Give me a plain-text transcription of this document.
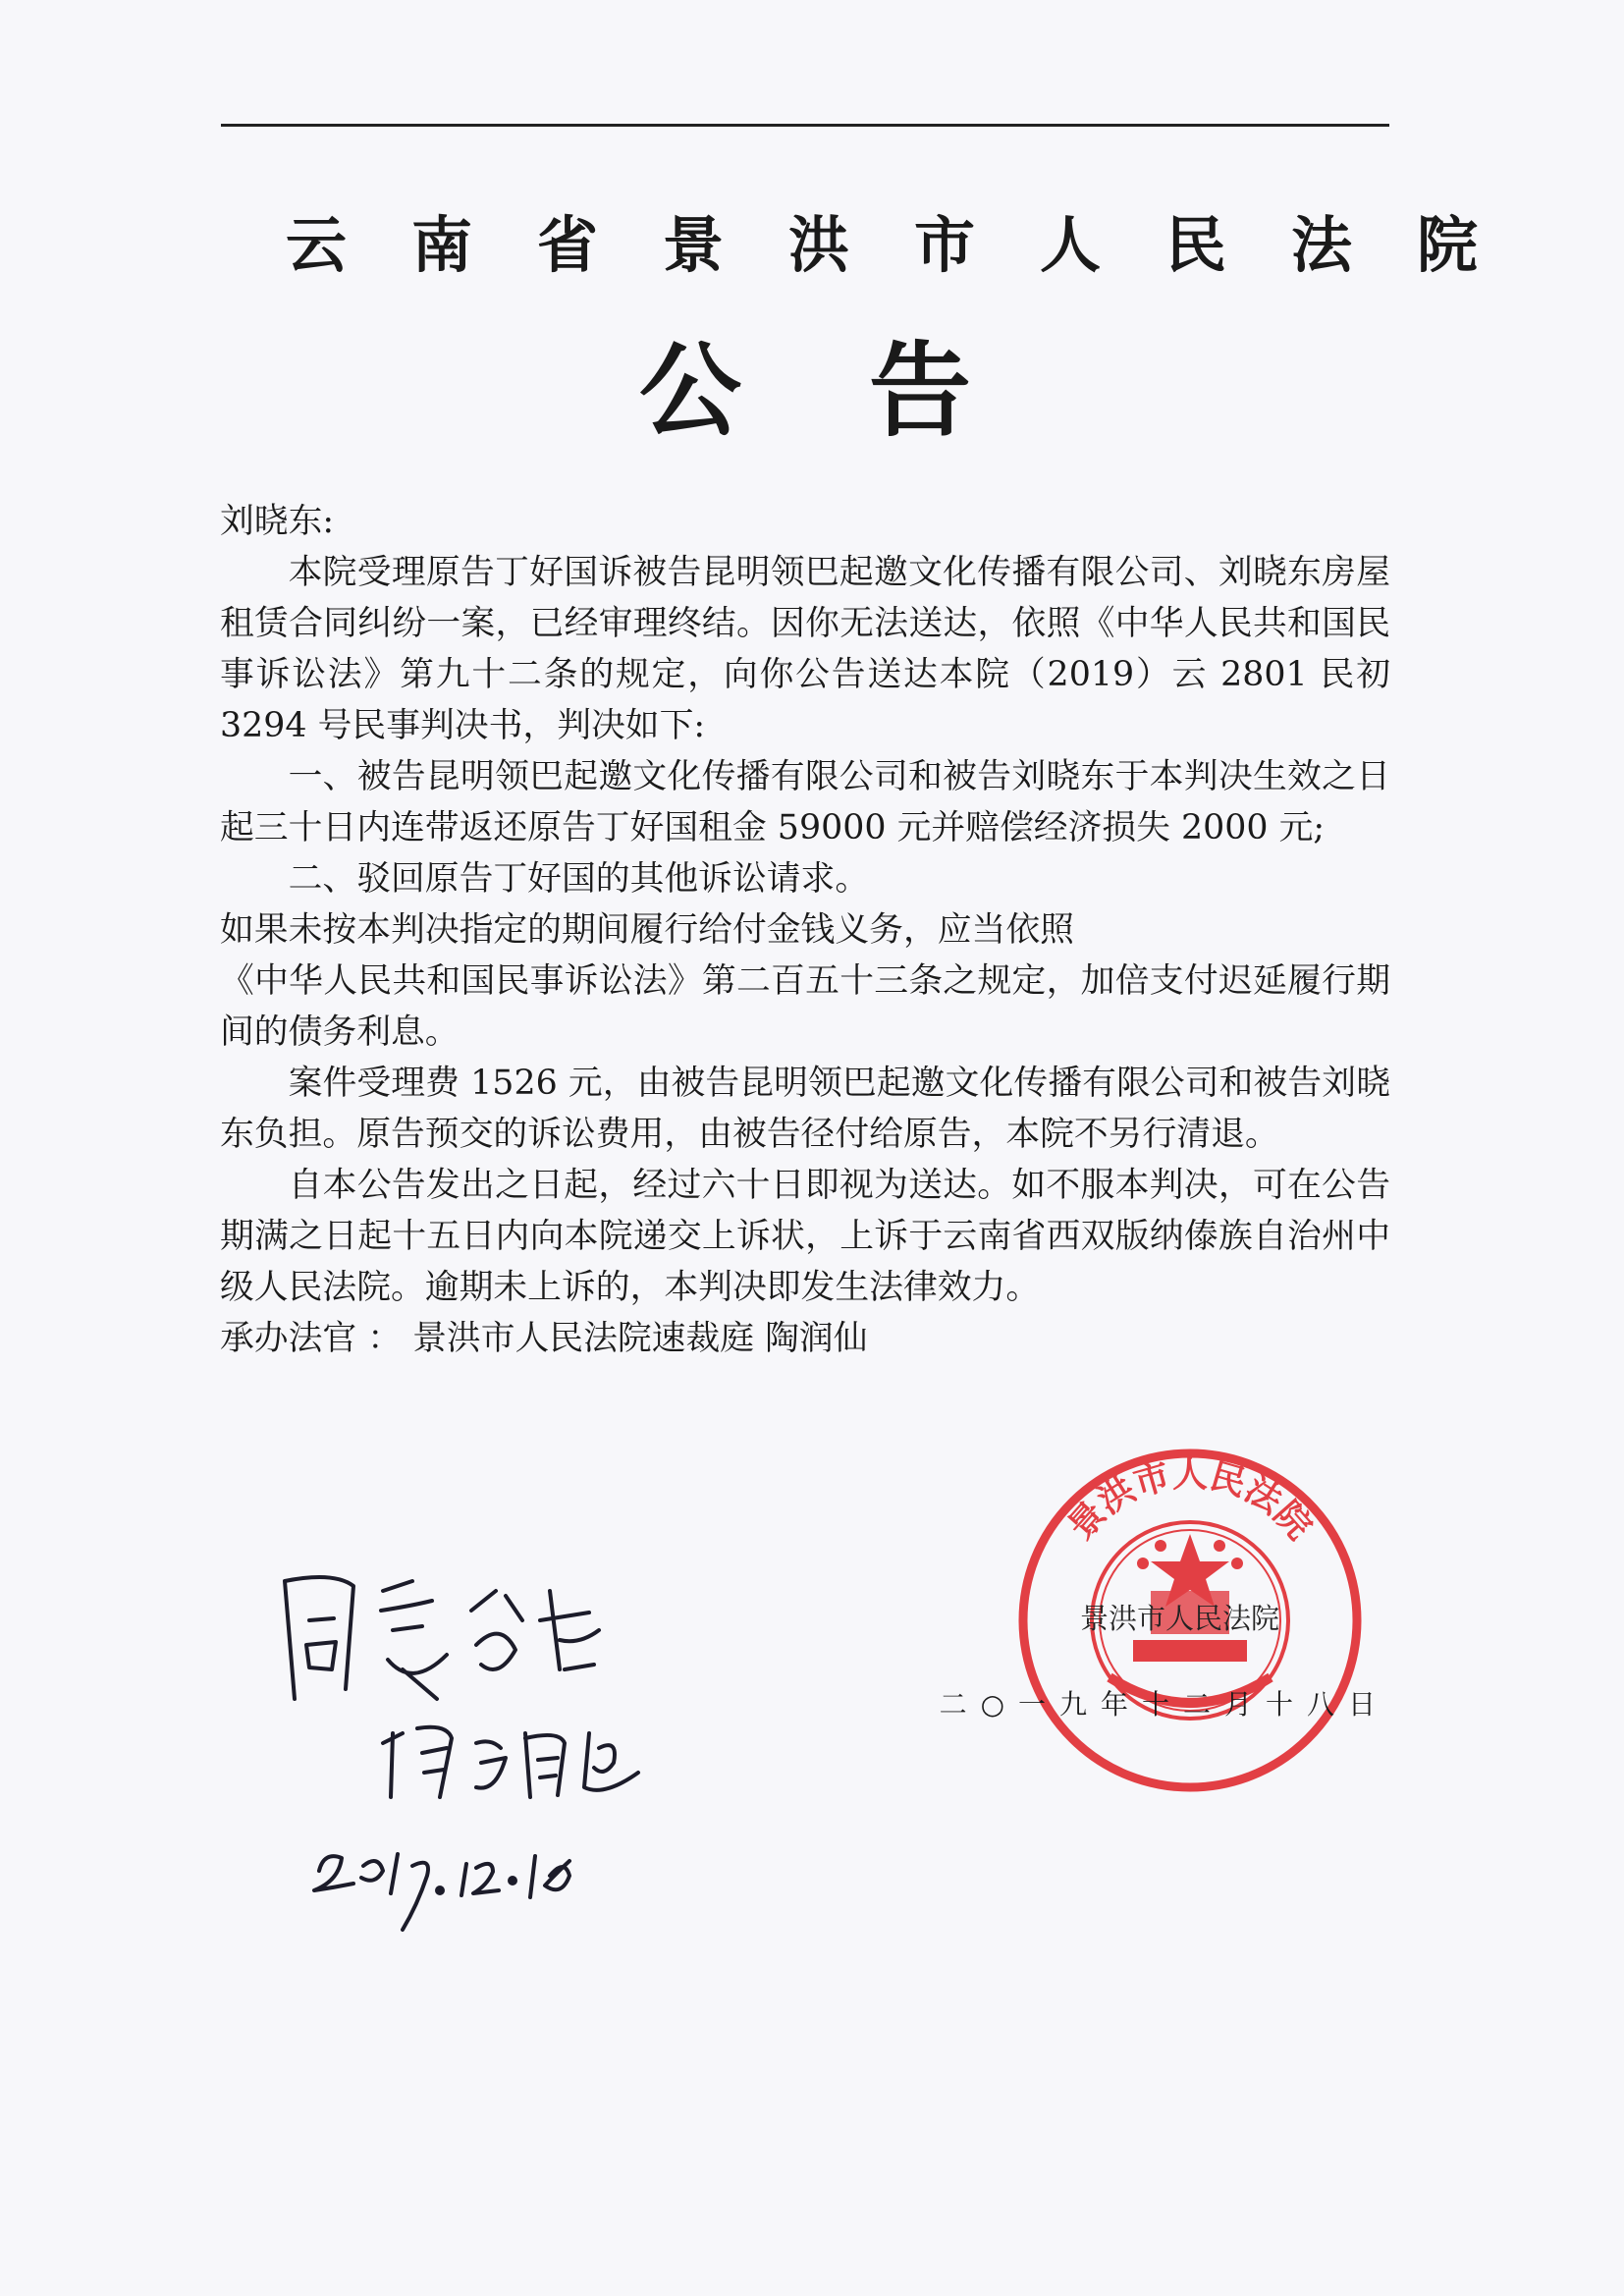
云南省景洪市人民法院
公告

刘晓东:

本院受理原告丁好国诉被告昆明领巴起邀文化传播有限公司、刘晓东房屋租赁合同纠纷一案，已经审理终结。因你无法送达，依照《中华人民共和国民事诉讼法》第九十二条的规定，向你公告送达本院（2019）云 2801 民初 3294 号民事判决书，判决如下:

一、被告昆明领巴起邀文化传播有限公司和被告刘晓东于本判决生效之日起三十日内连带返还原告丁好国租金 59000 元并赔偿经济损失 2000 元;

二、驳回原告丁好国的其他诉讼请求。

如果未按本判决指定的期间履行给付金钱义务，应当依照

《中华人民共和国民事诉讼法》第二百五十三条之规定，加倍支付迟延履行期间的债务利息。

案件受理费 1526 元，由被告昆明领巴起邀文化传播有限公司和被告刘晓东负担。原告预交的诉讼费用，由被告径付给原告，本院不另行清退。

自本公告发出之日起，经过六十日即视为送达。如不服本判决，可在公告期满之日起十五日内向本院递交上诉状，上诉于云南省西双版纳傣族自治州中级人民法院。逾期未上诉的，本判决即发生法律效力。

承办法官 ： 景洪市人民法院速裁庭 陶润仙

景洪市人民法院
景洪市人民法院
二○一九年十二月十八日
